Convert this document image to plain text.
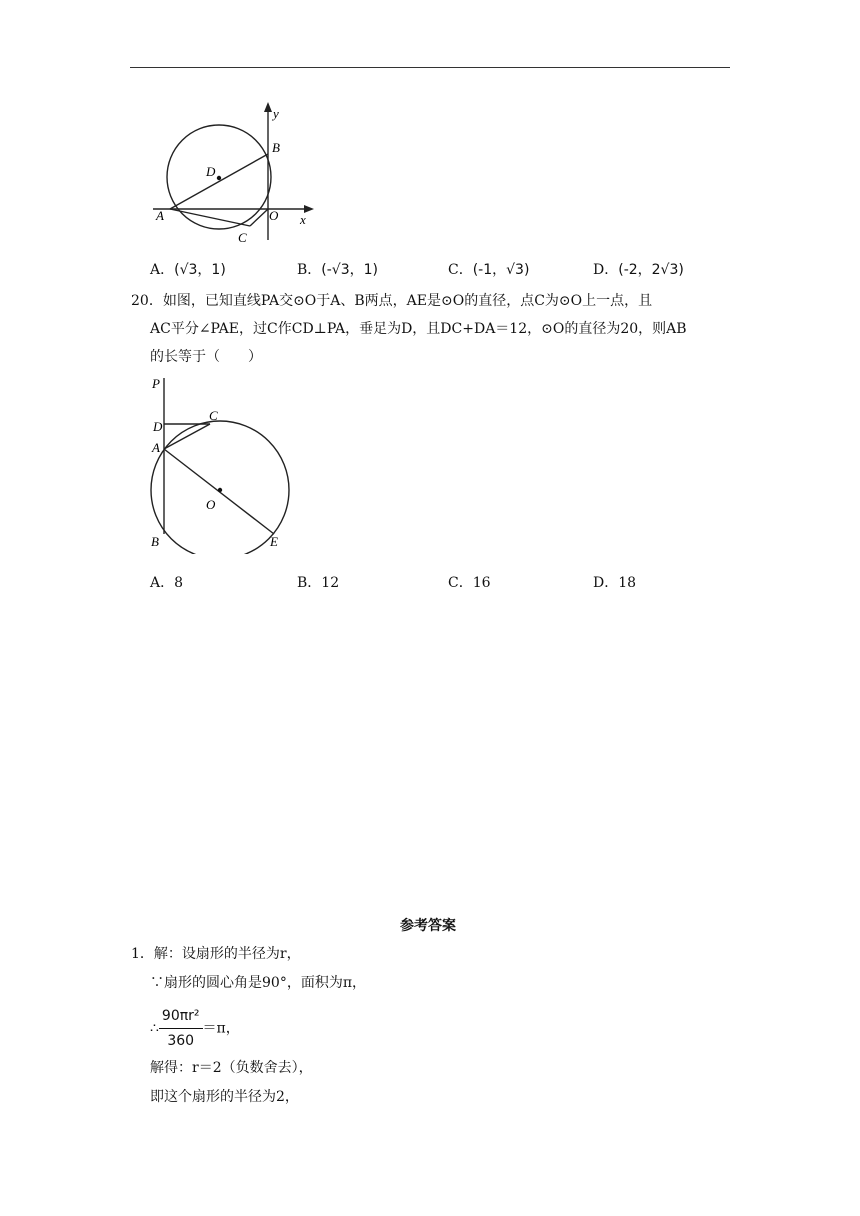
y
B
D
A	O x
C
A．(√3，1)	B．(-√3，1)	C．(-1，√3)	D．(-2，2√3)
20．如图，已知直线PA交⊙O于A、B两点，AE是⊙O的直径，点C为⊙O上一点，且
AC平分∠PAE，过C作CD⊥PA，垂足为D，且DC+DA＝12，⊙O的直径为20，则AB
的长等于（　　）
P
D
C
A
O
B	E
A．8	B．12	C．16	D．18
参考答案
1．解：设扇形的半径为r，
∵扇形的圆心角是90°，面积为π，
∴ $\frac{\text{90πr²}}{360} =\pi$，
解得：r＝2（负数舍去），
即这个扇形的半径为2，
